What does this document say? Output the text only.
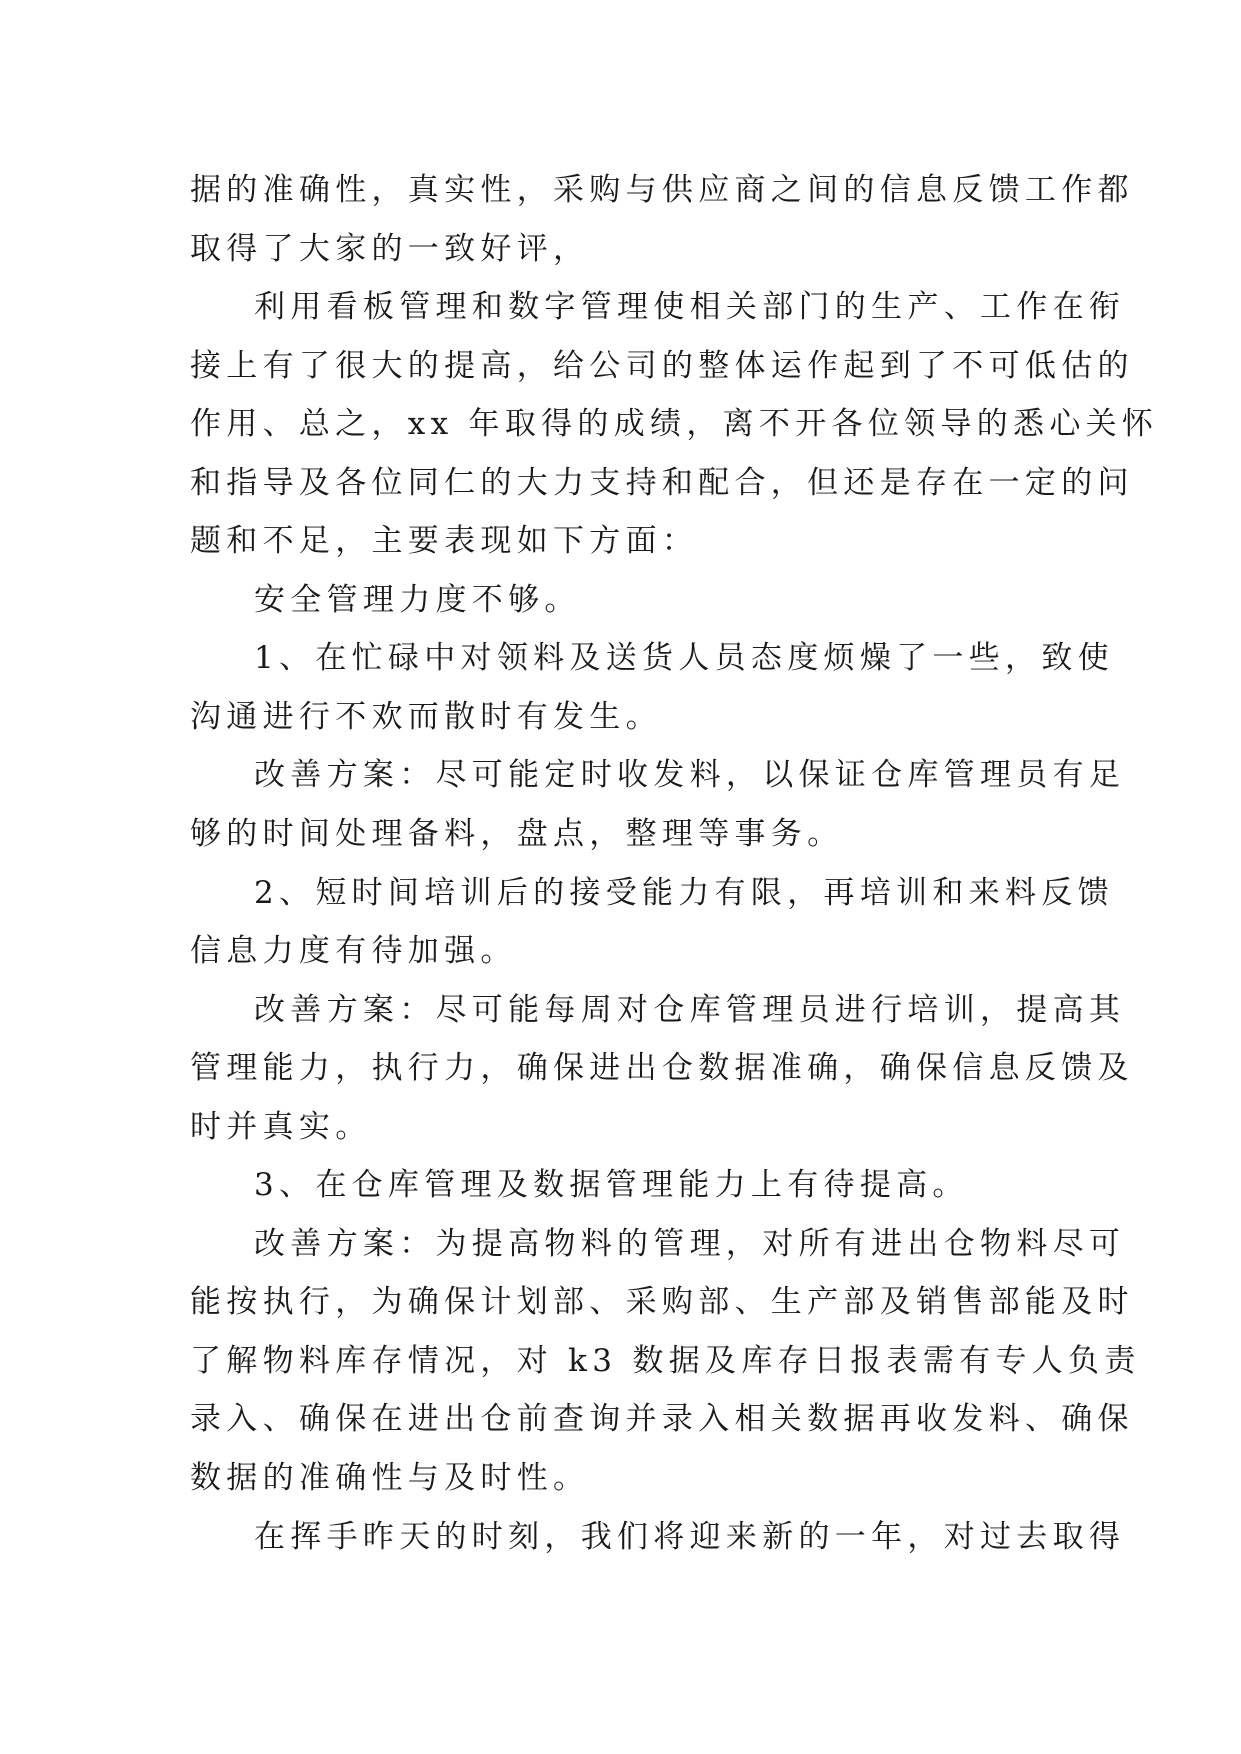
据的准确性，真实性，采购与供应商之间的信息反馈工作都
取得了大家的一致好评，
利用看板管理和数字管理使相关部门的生产、工作在衔
接上有了很大的提高，给公司的整体运作起到了不可低估的
作用、总之，xx 年取得的成绩，离不开各位领导的悉心关怀
和指导及各位同仁的大力支持和配合，但还是存在一定的问
题和不足，主要表现如下方面：
安全管理力度不够。
1、在忙碌中对领料及送货人员态度烦燥了一些，致使
沟通进行不欢而散时有发生。
改善方案：尽可能定时收发料，以保证仓库管理员有足
够的时间处理备料，盘点，整理等事务。
2、短时间培训后的接受能力有限，再培训和来料反馈
信息力度有待加强。
改善方案：尽可能每周对仓库管理员进行培训，提高其
管理能力，执行力，确保进出仓数据准确，确保信息反馈及
时并真实。
3、在仓库管理及数据管理能力上有待提高。
改善方案：为提高物料的管理，对所有进出仓物料尽可
能按执行，为确保计划部、采购部、生产部及销售部能及时
了解物料库存情况，对 k3 数据及库存日报表需有专人负责
录入、确保在进出仓前查询并录入相关数据再收发料、确保
数据的准确性与及时性。
在挥手昨天的时刻，我们将迎来新的一年，对过去取得
